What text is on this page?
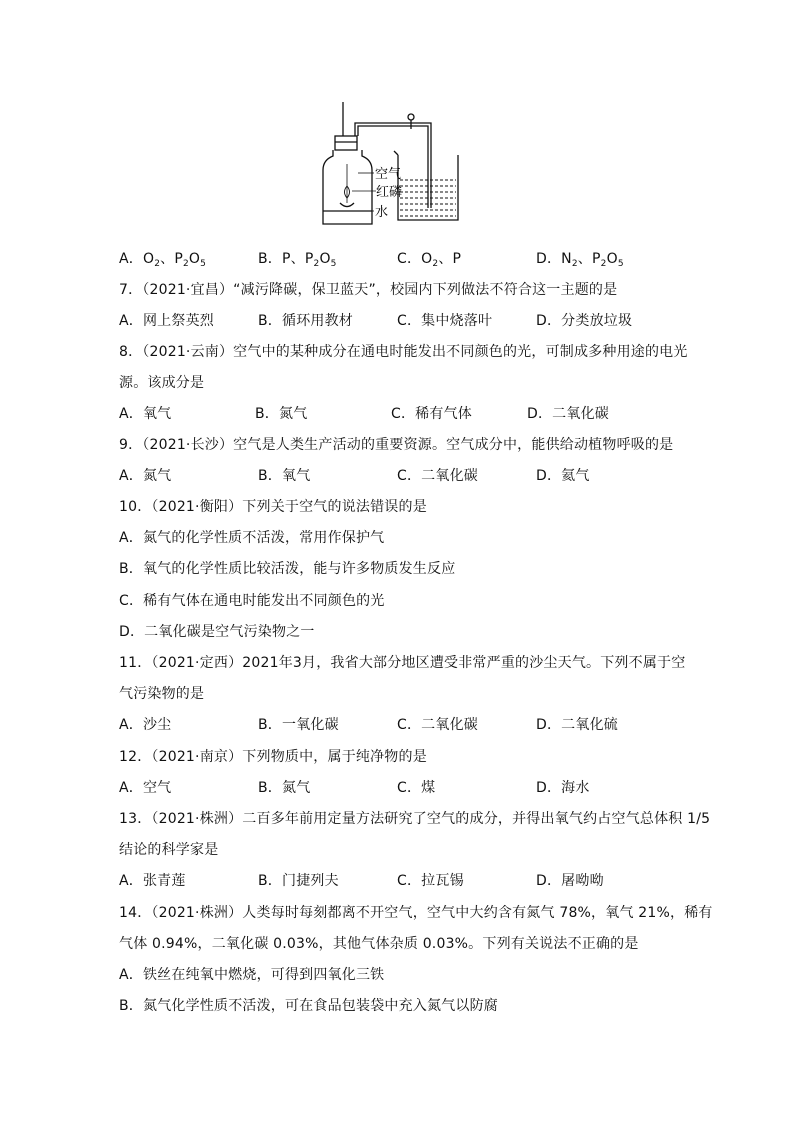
空气
红磷
水
A．$O_2$、$P_2O_5$	B．P、$P_2O_5$	C．$O_2$、P	D．$N_2$、$P_2O_5$
7．（2021·宜昌）“减污降碳，保卫蓝天”，校园内下列做法不符合这一主题的是
A．网上祭英烈	B．循环用教材	C．集中烧落叶	D．分类放垃圾
8．（2021·云南）空气中的某种成分在通电时能发出不同颜色的光，可制成多种用途的电光
源。该成分是
A．氧气	B．氮气	C．稀有气体	D．二氧化碳
9．（2021·长沙）空气是人类生产活动的重要资源。空气成分中，能供给动植物呼吸的是
A．氮气	B．氧气	C．二氧化碳	D．氦气
10．（2021·衡阳）下列关于空气的说法错误的是
A．氮气的化学性质不活泼，常用作保护气
B．氧气的化学性质比较活泼，能与许多物质发生反应
C．稀有气体在通电时能发出不同颜色的光
D．二氧化碳是空气污染物之一
11．（2021·定西）2021年3月，我省大部分地区遭受非常严重的沙尘天气。下列不属于空
气污染物的是
A．沙尘	B．一氧化碳	C．二氧化碳	D．二氧化硫
12．（2021·南京）下列物质中，属于纯净物的是
A．空气	B．氮气	C．煤	D．海水
13．（2021·株洲）二百多年前用定量方法研究了空气的成分，并得出氧气约占空气总体积 1/5
结论的科学家是
A．张青莲	B．门捷列夫	C．拉瓦锡	D．屠呦呦
14．（2021·株洲）人类每时每刻都离不开空气，空气中大约含有氮气 78%，氧气 21%，稀有
气体 0.94%，二氧化碳 0.03%，其他气体杂质 0.03%。下列有关说法不正确的是
A．铁丝在纯氧中燃烧，可得到四氧化三铁
B．氮气化学性质不活泼，可在食品包装袋中充入氮气以防腐
